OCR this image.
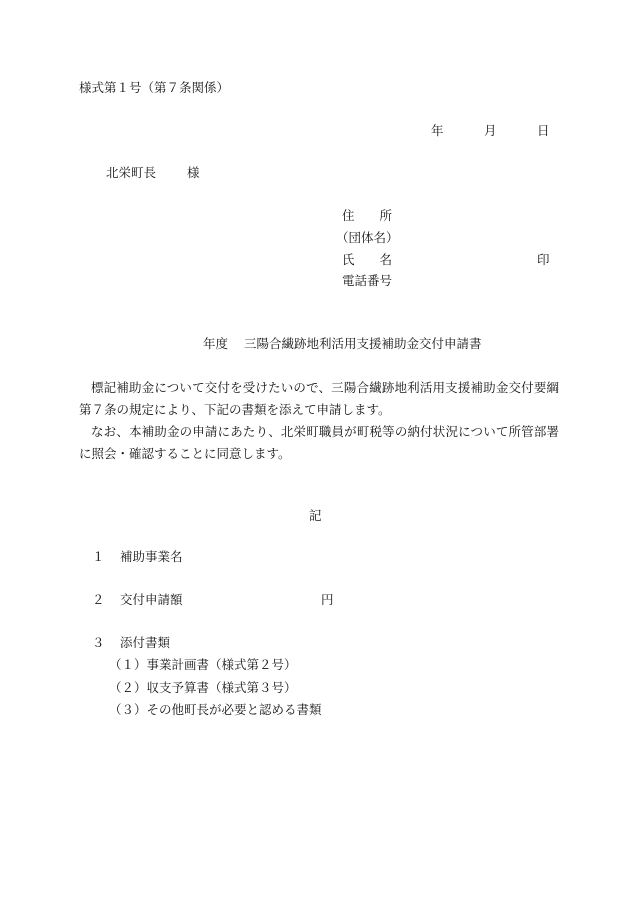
様式第１号（第７条関係）
年	月	日
北栄町長 様
住　　所
（団体名）
氏　　名	印
電話番号
年度 三陽合繊跡地利活用支援補助金交付申請書
標記補助金について交付を受けたいので、三陽合繊跡地利活用支援補助金交付要綱第７条の規定により、下記の書類を添えて申請します。
なお、本補助金の申請にあたり、北栄町職員が町税等の納付状況について所管部署に照会・確認することに同意します。
記
１ 補助事業名
２ 交付申請額	円
３ 添付書類
（１）事業計画書（様式第２号）
（２）収支予算書（様式第３号）
（３）その他町長が必要と認める書類
